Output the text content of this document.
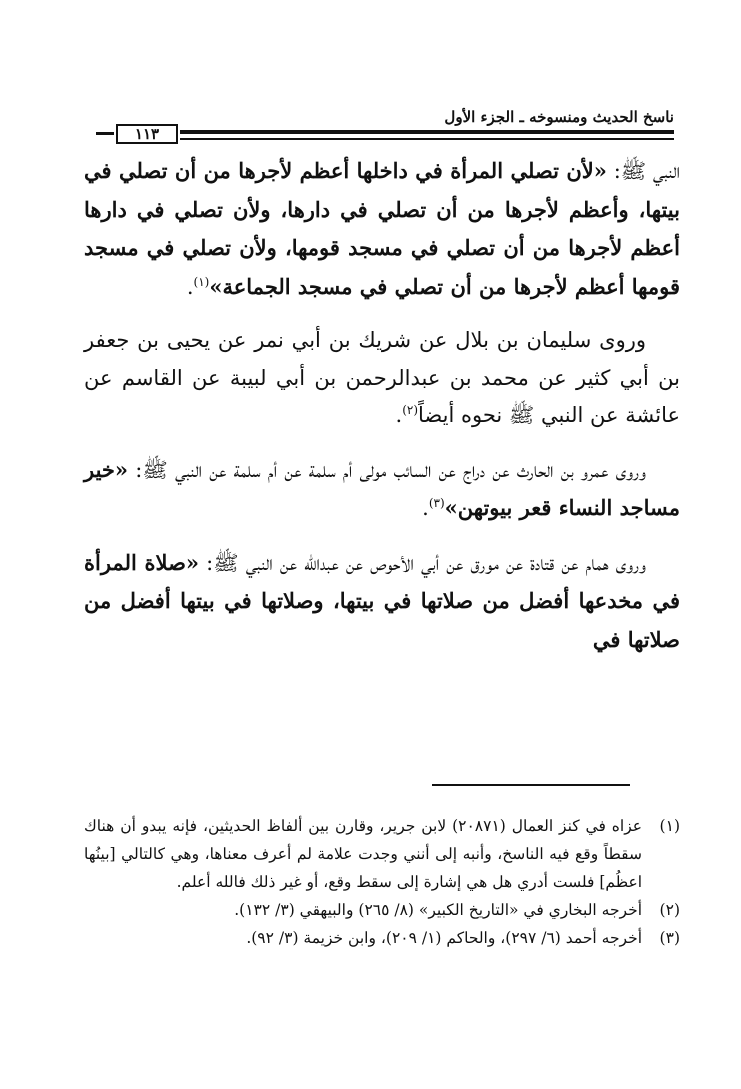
ناسخ الحديث ومنسوخه ـ الجزء الأول
١١٣

النبي ﷺ: «لأن تصلي المرأة في داخلها أعظم لأجرها من أن تصلي في بيتها، وأعظم لأجرها من أن تصلي في دارها، ولأن تصلي في دارها أعظم لأجرها من أن تصلي في مسجد قومها، ولأن تصلي في مسجد قومها أعظم لأجرها من أن تصلي في مسجد الجماعة»$^{(١)}$.

وروى سليمان بن بلال عن شريك بن أبي نمر عن يحيى بن جعفر بن أبي كثير عن محمد بن عبدالرحمن بن أبي لبيبة عن القاسم عن عائشة عن النبي ﷺ نحوه أيضاً$^{(٢)}$.

وروى عمرو بن الحارث عن دراج عن السائب مولى أم سلمة عن أم سلمة عن النبي ﷺ: «خير مساجد النساء قعر بيوتهن»$^{(٣)}$.

وروى همام عن قتادة عن مورق عن أبي الأحوص عن عبدالله عن النبي ﷺ: «صلاة المرأة في مخدعها أفضل من صلاتها في بيتها، وصلاتها في بيتها أفضل من صلاتها في

(١)
عزاه في كنز العمال (٢٠٨٧١) لابن جرير، وقارن بين ألفاظ الحديثين، فإنه يبدو أن هناك سقطاً وقع فيه الناسخ، وأنبه إلى أنني وجدت علامة لم أعرف معناها، وهي كالتالي [بينُها اعظُم] فلست أدري هل هي إشارة إلى سقط وقع، أو غير ذلك فالله أعلم.
(٢)
أخرجه البخاري في «التاريخ الكبير» (٨/ ٢٦٥) والبيهقي (٣/ ١٣٢).
(٣)
أخرجه أحمد (٦/ ٢٩٧)، والحاكم (١/ ٢٠٩)، وابن خزيمة (٣/ ٩٢).
